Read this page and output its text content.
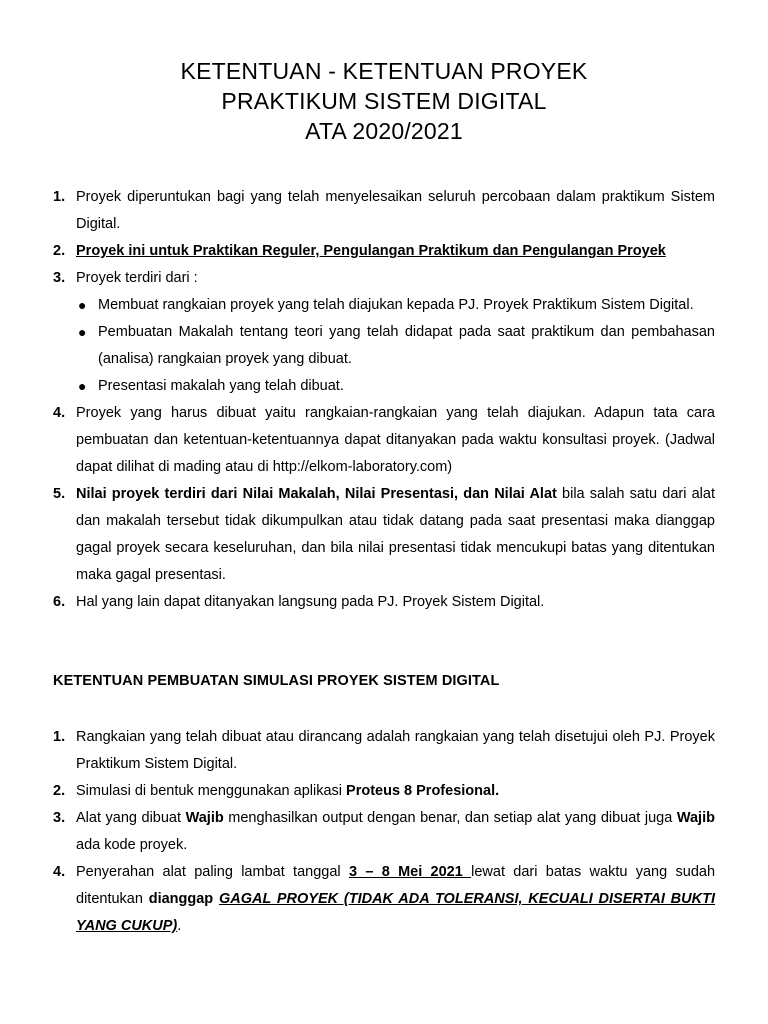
KETENTUAN - KETENTUAN PROYEK
PRAKTIKUM SISTEM DIGITAL
ATA 2020/2021
1. Proyek diperuntukan bagi yang telah menyelesaikan seluruh percobaan dalam praktikum Sistem Digital.
2. Proyek ini untuk Praktikan Reguler, Pengulangan Praktikum dan Pengulangan Proyek
3. Proyek terdiri dari :
● Membuat rangkaian proyek yang telah diajukan kepada PJ. Proyek Praktikum Sistem Digital.
● Pembuatan Makalah tentang teori yang telah didapat pada saat praktikum dan pembahasan (analisa) rangkaian proyek yang dibuat.
● Presentasi makalah yang telah dibuat.
4. Proyek yang harus dibuat yaitu rangkaian-rangkaian yang telah diajukan. Adapun tata cara pembuatan dan ketentuan-ketentuannya dapat ditanyakan pada waktu konsultasi proyek. (Jadwal dapat dilihat di mading atau di http://elkom-laboratory.com)
5. Nilai proyek terdiri dari Nilai Makalah, Nilai Presentasi, dan Nilai Alat bila salah satu dari alat dan makalah tersebut tidak dikumpulkan atau tidak datang pada saat presentasi maka dianggap gagal proyek secara keseluruhan, dan bila nilai presentasi tidak mencukupi batas yang ditentukan maka gagal presentasi.
6. Hal yang lain dapat ditanyakan langsung pada PJ. Proyek Sistem Digital.
KETENTUAN PEMBUATAN SIMULASI PROYEK SISTEM DIGITAL
1. Rangkaian yang telah dibuat atau dirancang adalah rangkaian yang telah disetujui oleh PJ. Proyek Praktikum Sistem Digital.
2. Simulasi di bentuk menggunakan aplikasi Proteus 8 Profesional.
3. Alat yang dibuat Wajib menghasilkan output dengan benar, dan setiap alat yang dibuat juga Wajib ada kode proyek.
4. Penyerahan alat paling lambat tanggal 3 – 8 Mei 2021 lewat dari batas waktu yang sudah ditentukan dianggap GAGAL PROYEK (TIDAK ADA TOLERANSI, KECUALI DISERTAI BUKTI YANG CUKUP).
